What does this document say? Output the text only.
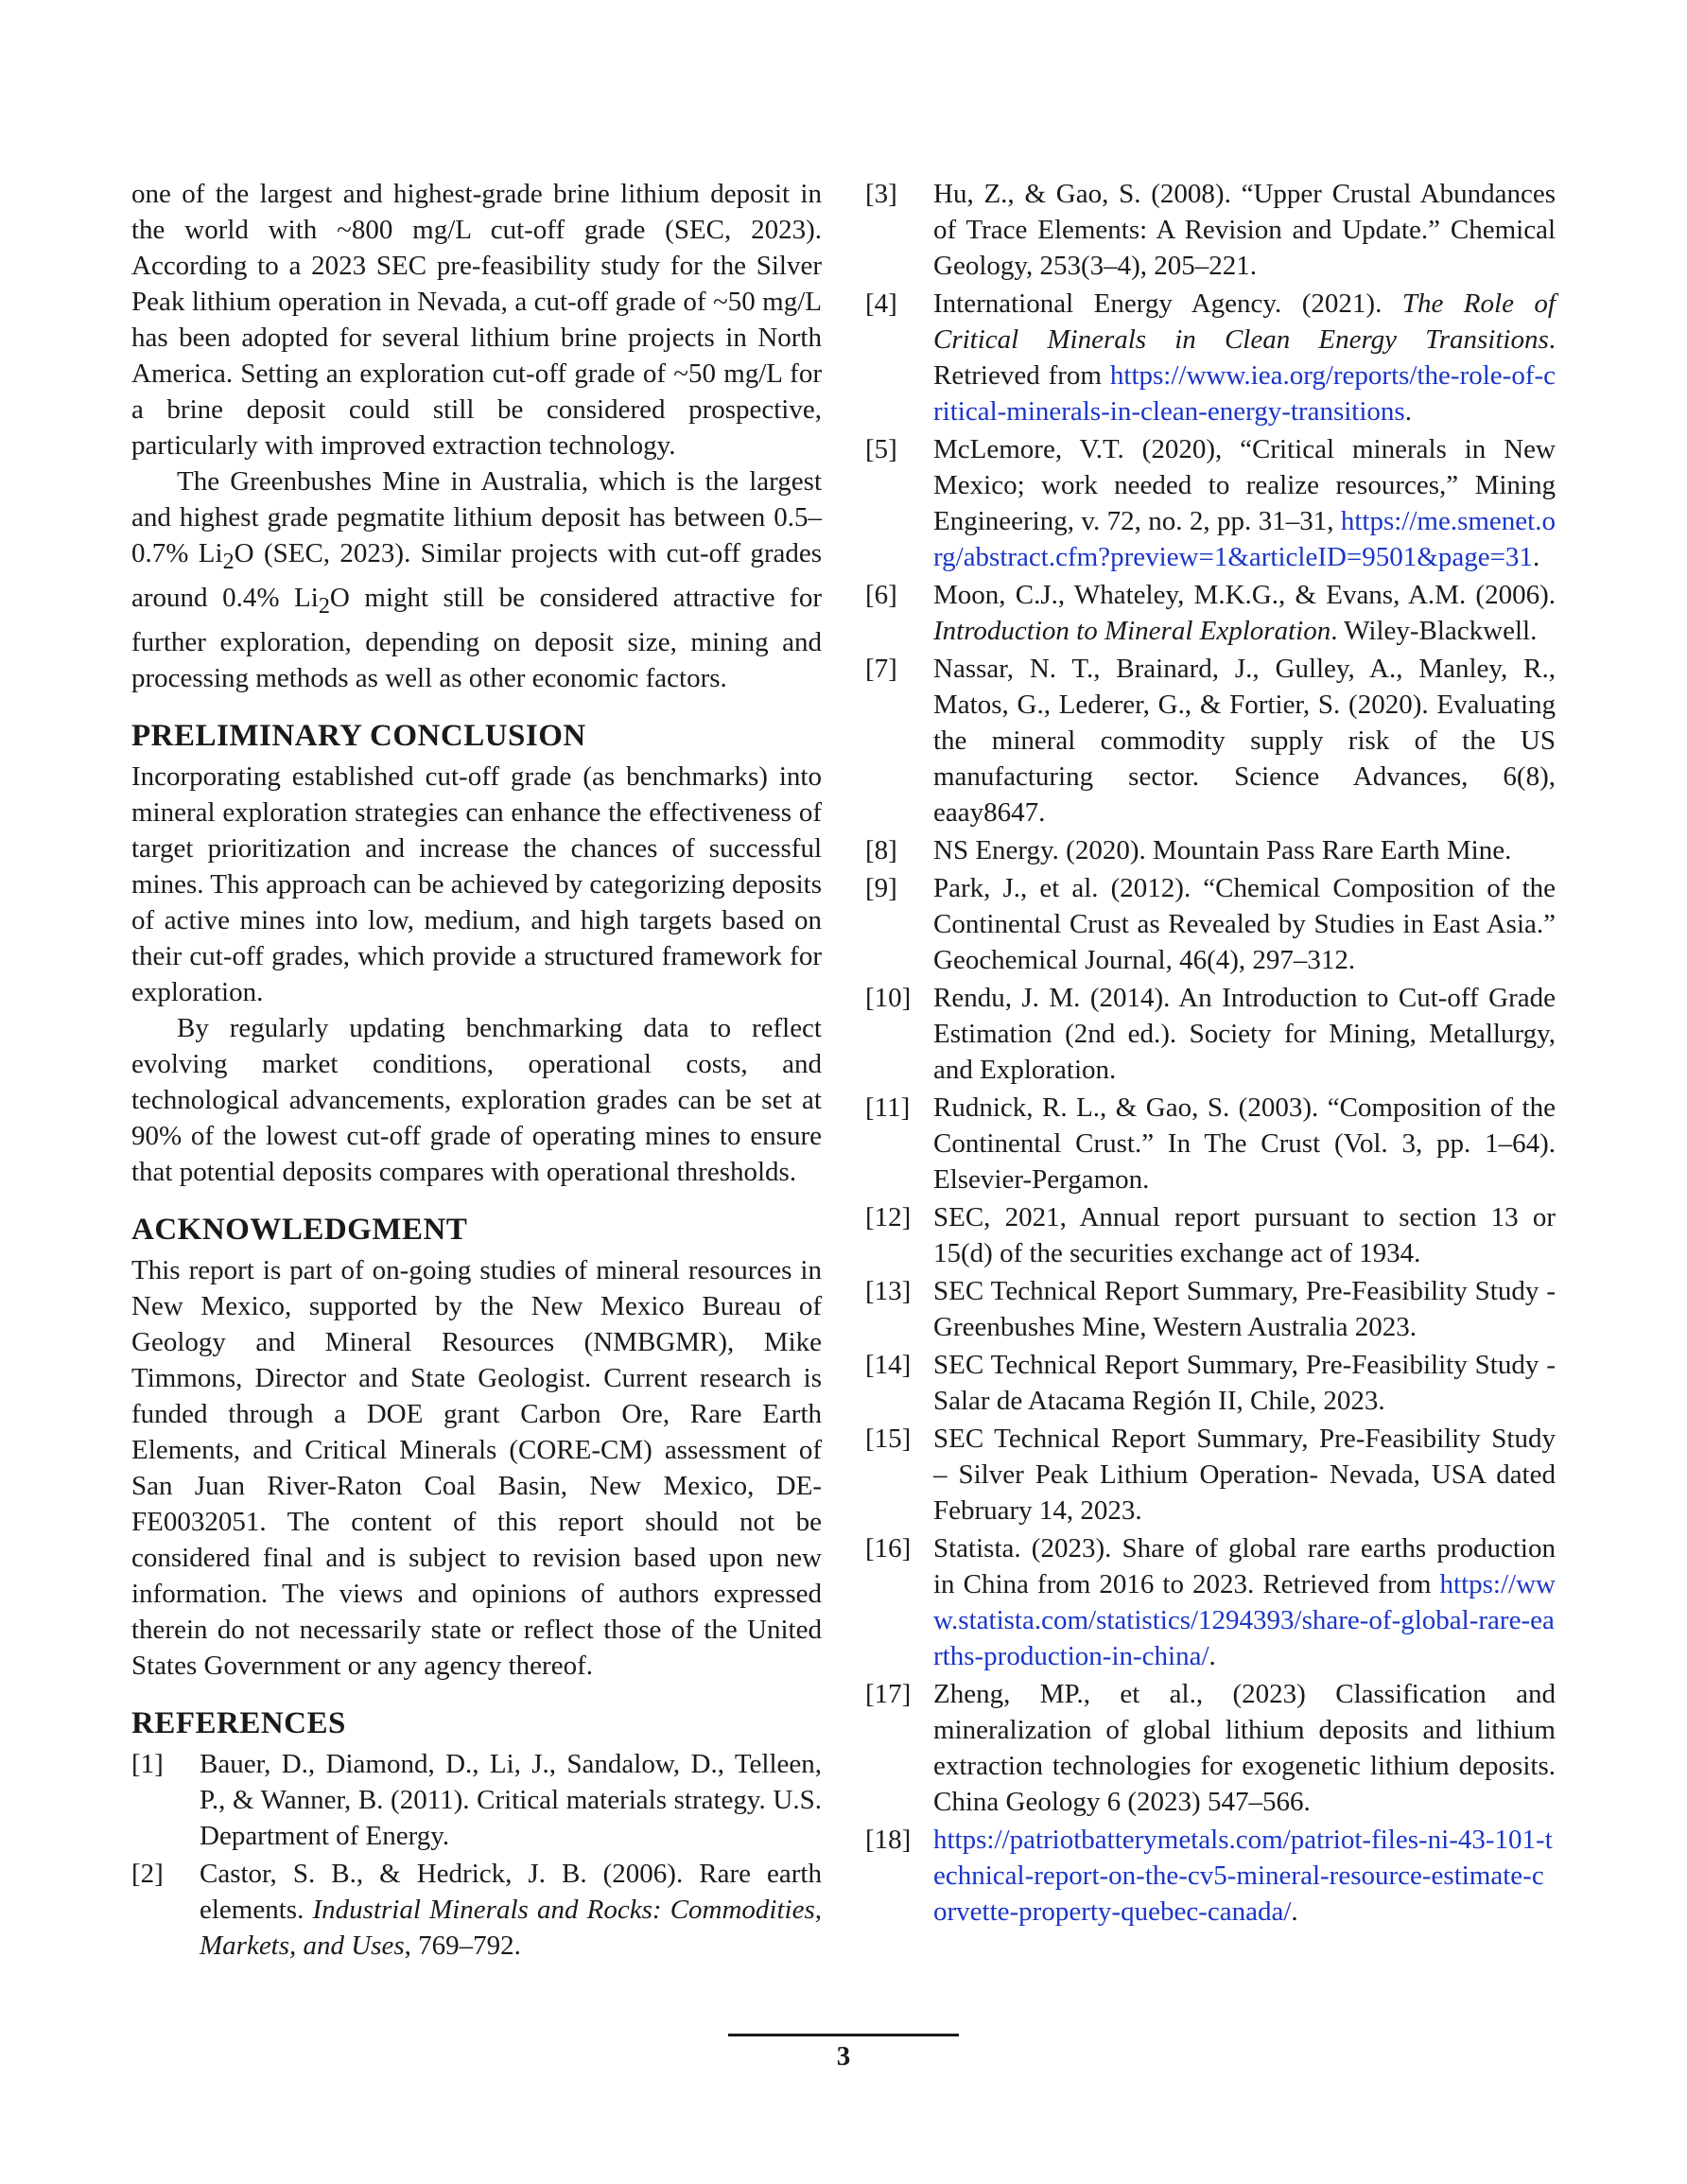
one of the largest and highest-grade brine lithium deposit in the world with ~800 mg/L cut-off grade (SEC, 2023). According to a 2023 SEC pre-feasibility study for the Silver Peak lithium operation in Nevada, a cut-off grade of ~50 mg/L has been adopted for several lithium brine projects in North America. Setting an exploration cut-off grade of ~50 mg/L for a brine deposit could still be considered prospective, particularly with improved extraction technology.

The Greenbushes Mine in Australia, which is the largest and highest grade pegmatite lithium deposit has between 0.5–0.7% $Li_2O$ (SEC, 2023). Similar projects with cut-off grades around 0.4% $Li_2O$ might still be considered attractive for further exploration, depending on deposit size, mining and processing methods as well as other economic factors.

PRELIMINARY CONCLUSION

Incorporating established cut-off grade (as benchmarks) into mineral exploration strategies can enhance the effectiveness of target prioritization and increase the chances of successful mines. This approach can be achieved by categorizing deposits of active mines into low, medium, and high targets based on their cut-off grades, which provide a structured framework for exploration.

By regularly updating benchmarking data to reflect evolving market conditions, operational costs, and technological advancements, exploration grades can be set at 90% of the lowest cut-off grade of operating mines to ensure that potential deposits compares with operational thresholds.

ACKNOWLEDGMENT

This report is part of on-going studies of mineral resources in New Mexico, supported by the New Mexico Bureau of Geology and Mineral Resources (NMBGMR), Mike Timmons, Director and State Geologist. Current research is funded through a DOE grant Carbon Ore, Rare Earth Elements, and Critical Minerals (CORE-CM) assessment of San Juan River-Raton Coal Basin, New Mexico, DE-FE0032051. The content of this report should not be considered final and is subject to revision based upon new information. The views and opinions of authors expressed therein do not necessarily state or reflect those of the United States Government or any agency thereof.

REFERENCES
[1]	Bauer, D., Diamond, D., Li, J., Sandalow, D., Telleen, P., & Wanner, B. (2011). Critical materials strategy. U.S. Department of Energy.
[2]	Castor, S. B., & Hedrick, J. B. (2006). Rare earth elements. Industrial Minerals and Rocks: Commodities, Markets, and Uses, 769–792.
[3]	Hu, Z., & Gao, S. (2008). “Upper Crustal Abundances of Trace Elements: A Revision and Update.” Chemical Geology, 253(3–4), 205–221.
[4]	International Energy Agency. (2021). The Role of Critical Minerals in Clean Energy Transitions. Retrieved from https://www.iea.org/reports/the-role-of-critical-minerals-in-clean-energy-transitions.
[5]	McLemore, V.T. (2020), “Critical minerals in New Mexico; work needed to realize resources,” Mining Engineering, v. 72, no. 2, pp. 31–31, https://me.smenet.org/abstract.cfm?preview=1&articleID=9501&page=31.
[6]	Moon, C.J., Whateley, M.K.G., & Evans, A.M. (2006). Introduction to Mineral Exploration. Wiley-Blackwell.
[7]	Nassar, N. T., Brainard, J., Gulley, A., Manley, R., Matos, G., Lederer, G., & Fortier, S. (2020). Evaluating the mineral commodity supply risk of the US manufacturing sector. Science Advances, 6(8), eaay8647.
[8]	NS Energy. (2020). Mountain Pass Rare Earth Mine.
[9]	Park, J., et al. (2012). “Chemical Composition of the Continental Crust as Revealed by Studies in East Asia.” Geochemical Journal, 46(4), 297–312.
[10] Rendu, J. M. (2014). An Introduction to Cut-off Grade Estimation (2nd ed.). Society for Mining, Metallurgy, and Exploration.
[11] Rudnick, R. L., & Gao, S. (2003). “Composition of the Continental Crust.” In The Crust (Vol. 3, pp. 1–64). Elsevier-Pergamon.
[12] SEC, 2021, Annual report pursuant to section 13 or 15(d) of the securities exchange act of 1934.
[13] SEC Technical Report Summary, Pre-Feasibility Study - Greenbushes Mine, Western Australia 2023.
[14] SEC Technical Report Summary, Pre-Feasibility Study - Salar de Atacama Región II, Chile, 2023.
[15] SEC Technical Report Summary, Pre-Feasibility Study – Silver Peak Lithium Operation- Nevada, USA dated February 14, 2023.
[16] Statista. (2023). Share of global rare earths production in China from 2016 to 2023. Retrieved from https://www.statista.com/statistics/1294393/share-of-global-rare-earths-production-in-china/.
[17] Zheng, MP., et al., (2023) Classification and mineralization of global lithium deposits and lithium extraction technologies for exogenetic lithium deposits. China Geology 6 (2023) 547–566.
[18] https://patriotbatterymetals.com/patriot-files-ni-43-101-technical-report-on-the-cv5-mineral-resource-estimate-corvette-property-quebec-canada/.
3
